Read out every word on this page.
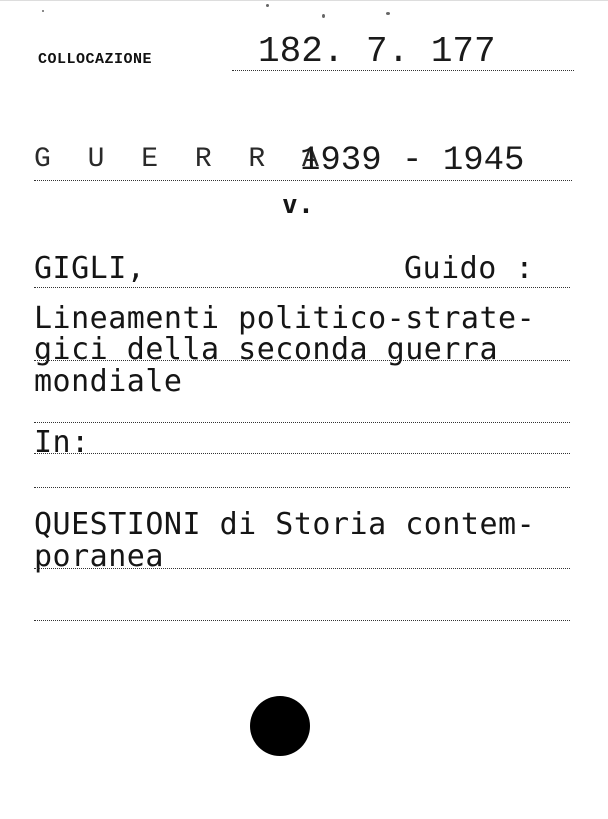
COLLOCAZIONE	182. 7. 177
G U E R R A
1939 - 1945
v.
GIGLI,	Guido :
Lineamenti politico-strate-
gici della seconda guerra
mondiale
In:
QUESTIONI di Storia contem-
poranea
